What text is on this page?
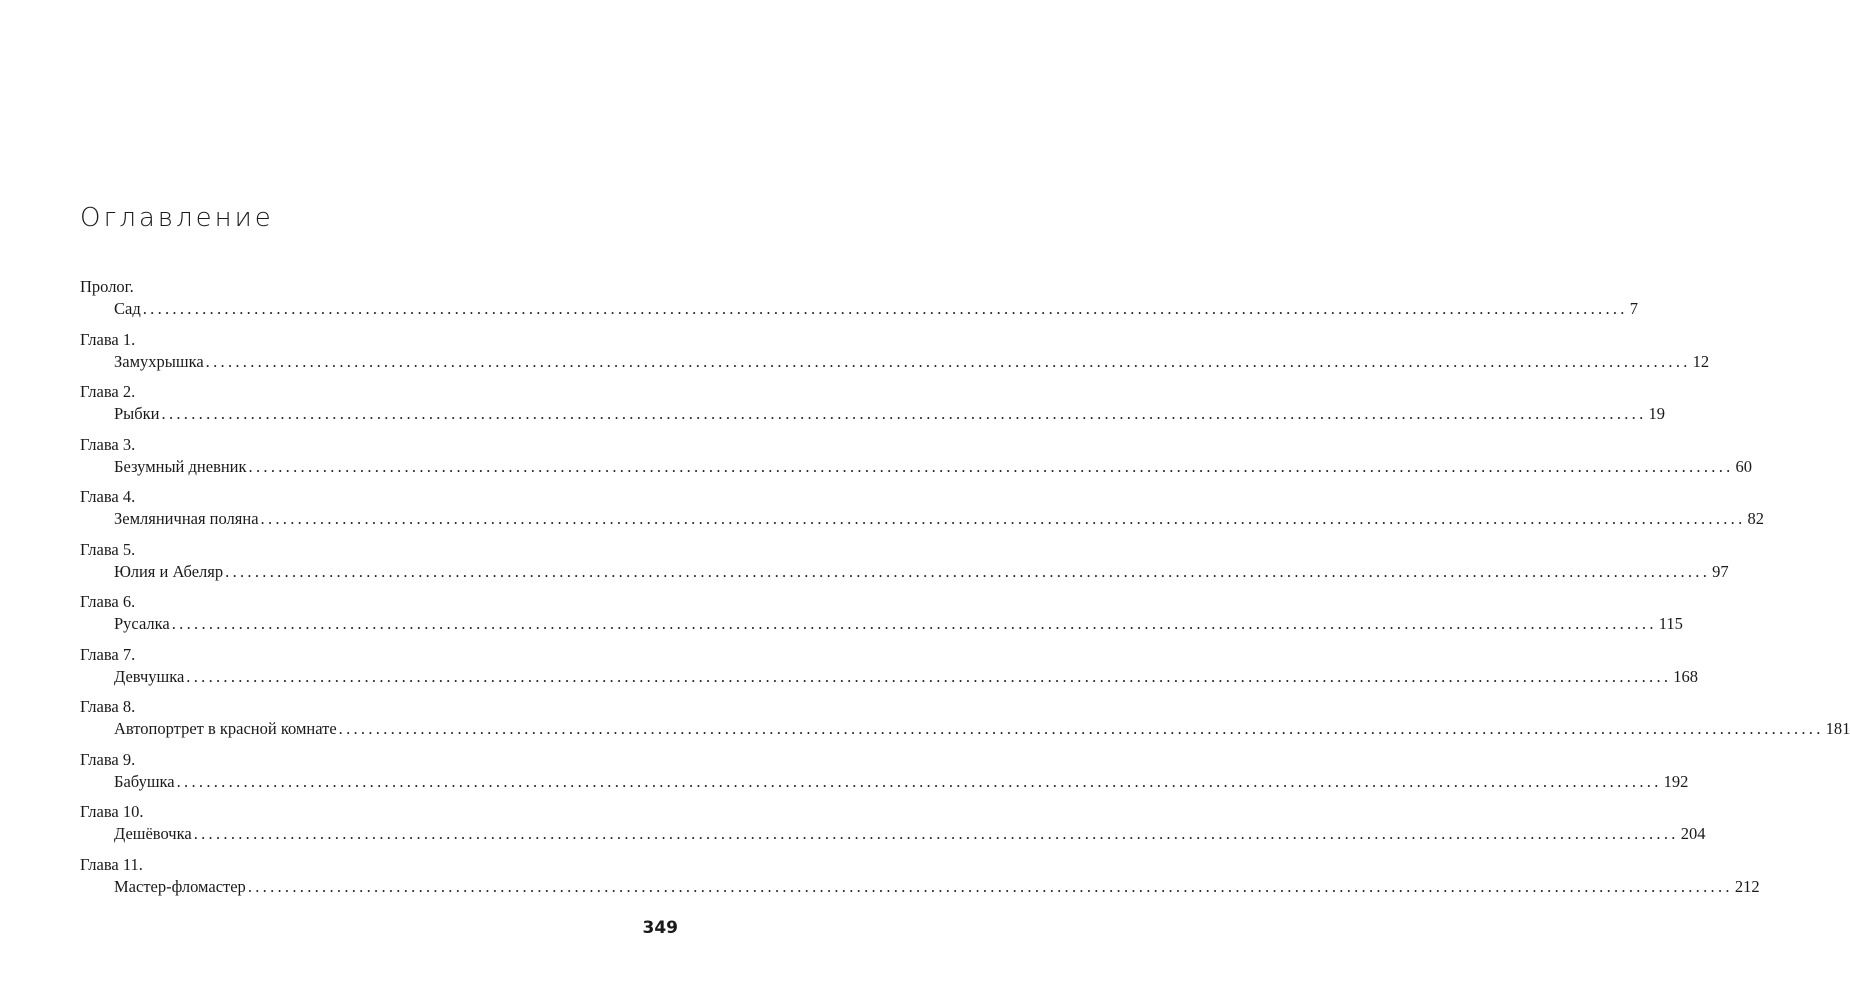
Оглавление
Пролог.
Сад ........................................................................................................................................................................................................ 7
Глава 1.
Замухрышка ........................................................................................................................................................................................................ 12
Глава 2.
Рыбки ........................................................................................................................................................................................................ 19
Глава 3.
Безумный дневник ........................................................................................................................................................................................................ 60
Глава 4.
Земляничная поляна ........................................................................................................................................................................................................ 82
Глава 5.
Юлия и Абеляр ........................................................................................................................................................................................................ 97
Глава 6.
Русалка ........................................................................................................................................................................................................ 115
Глава 7.
Девчушка ........................................................................................................................................................................................................ 168
Глава 8.
Автопортрет в красной комнате ........................................................................................................................................................................................................ 181
Глава 9.
Бабушка ........................................................................................................................................................................................................ 192
Глава 10.
Дешёвочка ........................................................................................................................................................................................................ 204
Глава 11.
Мастер-фломастер ........................................................................................................................................................................................................ 212
349
